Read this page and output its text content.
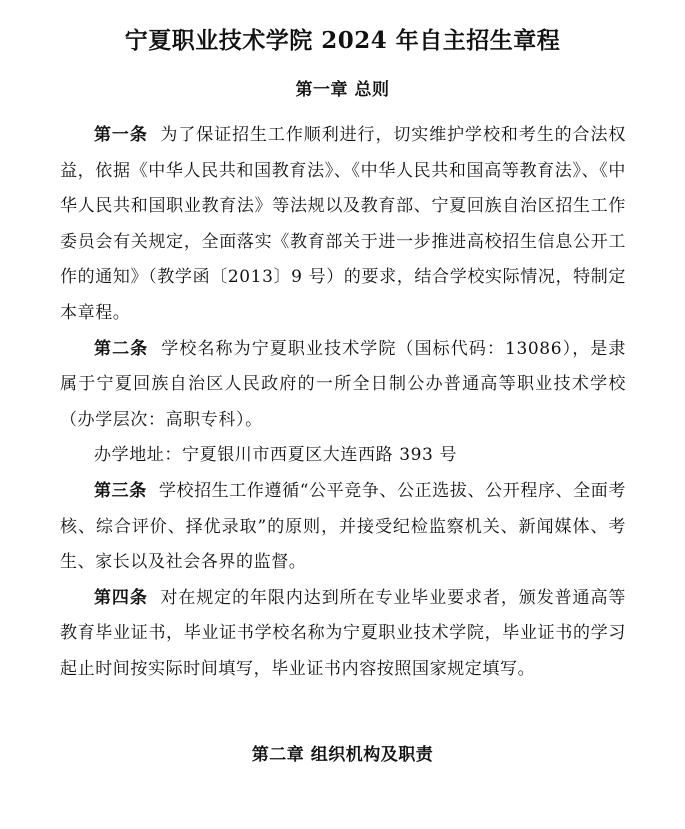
宁夏职业技术学院 2024 年自主招生章程
第一章 总则

第一条 为了保证招生工作顺利进行，切实维护学校和考生的合法权益，依据《中华人民共和国教育法》、《中华人民共和国高等教育法》、《中华人民共和国职业教育法》等法规以及教育部、宁夏回族自治区招生工作委员会有关规定，全面落实《教育部关于进一步推进高校招生信息公开工作的通知》（教学函〔2013〕9 号）的要求，结合学校实际情况，特制定本章程。

第二条 学校名称为宁夏职业技术学院（国标代码：13086），是隶属于宁夏回族自治区人民政府的一所全日制公办普通高等职业技术学校（办学层次：高职专科）。

办学地址：宁夏银川市西夏区大连西路 393 号

第三条 学校招生工作遵循“公平竞争、公正选拔、公开程序、全面考核、综合评价、择优录取”的原则，并接受纪检监察机关、新闻媒体、考生、家长以及社会各界的监督。

第四条 对在规定的年限内达到所在专业毕业要求者，颁发普通高等教育毕业证书，毕业证书学校名称为宁夏职业技术学院，毕业证书的学习起止时间按实际时间填写，毕业证书内容按照国家规定填写。

第二章 组织机构及职责
